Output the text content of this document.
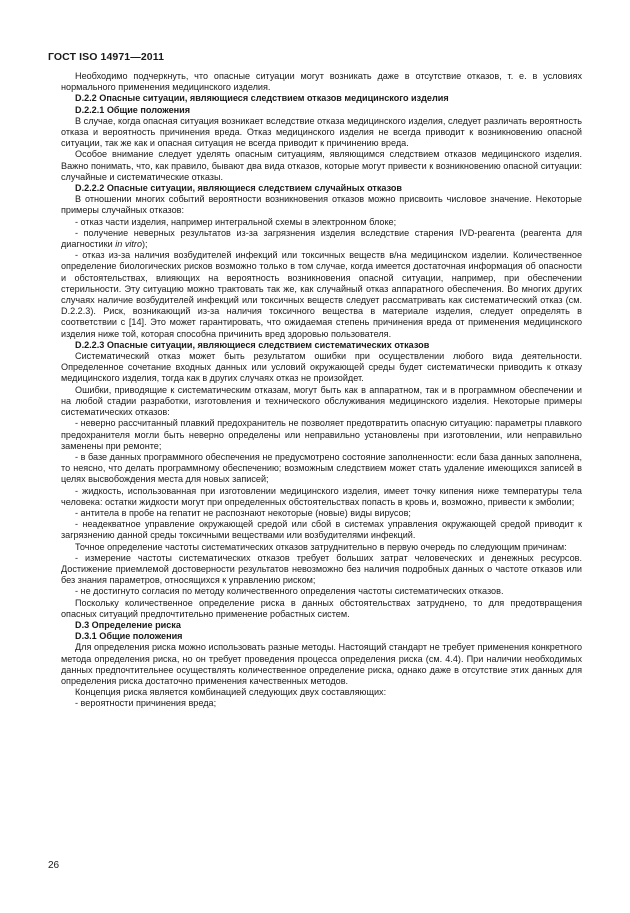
ГОСТ ISO 14971—2011

Необходимо подчеркнуть, что опасные ситуации могут возникать даже в отсутствие отказов, т. е. в условиях нормального применения медицинского изделия.

D.2.2 Опасные ситуации, являющиеся следствием отказов медицинского изделия

D.2.2.1 Общие положения

В случае, когда опасная ситуация возникает вследствие отказа медицинского изделия, следует различать вероятность отказа и вероятность причинения вреда. Отказ медицинского изделия не всегда приводит к возникновению опасной ситуации, так же как и опасная ситуация не всегда приводит к причинению вреда.

Особое внимание следует уделять опасным ситуациям, являющимся следствием отказов медицинского изделия. Важно понимать, что, как правило, бывают два вида отказов, которые могут привести к возникновению опасной ситуации: случайные и систематические отказы.

D.2.2.2 Опасные ситуации, являющиеся следствием случайных отказов

В отношении многих событий вероятности возникновения отказов можно присвоить числовое значение. Некоторые примеры случайных отказов:

- отказ части изделия, например интегральной схемы в электронном блоке;

- получение неверных результатов из-за загрязнения изделия вследствие старения IVD-реагента (реагента для диагностики in vitro);

- отказ из-за наличия возбудителей инфекций или токсичных веществ в/на медицинском изделии. Количественное определение биологических рисков возможно только в том случае, когда имеется достаточная информация об опасности и обстоятельствах, влияющих на вероятность возникновения опасной ситуации, например, при обеспечении стерильности. Эту ситуацию можно трактовать так же, как случайный отказ аппаратного обеспечения. Во многих других случаях наличие возбудителей инфекций или токсичных веществ следует рассматривать как систематический отказ (см. D.2.2.3). Риск, возникающий из-за наличия токсичного вещества в материале изделия, следует определять в соответствии с [14]. Это может гарантировать, что ожидаемая степень причинения вреда от применения медицинского изделия ниже той, которая способна причинить вред здоровью пользователя.

D.2.2.3 Опасные ситуации, являющиеся следствием систематических отказов

Систематический отказ может быть результатом ошибки при осуществлении любого вида деятельности. Определенное сочетание входных данных или условий окружающей среды будет систематически приводить к отказу медицинского изделия, тогда как в других случаях отказ не произойдет.

Ошибки, приводящие к систематическим отказам, могут быть как в аппаратном, так и в программном обеспечении и на любой стадии разработки, изготовления и технического обслуживания медицинского изделия. Некоторые примеры систематических отказов:

- неверно рассчитанный плавкий предохранитель не позволяет предотвратить опасную ситуацию: параметры плавкого предохранителя могли быть неверно определены или неправильно установлены при изготовлении, или неправильно заменены при ремонте;

- в базе данных программного обеспечения не предусмотрено состояние заполненности: если база данных заполнена, то неясно, что делать программному обеспечению; возможным следствием может стать удаление имеющихся записей в целях высвобождения места для новых записей;

- жидкость, использованная при изготовлении медицинского изделия, имеет точку кипения ниже температуры тела человека: остатки жидкости могут при определенных обстоятельствах попасть в кровь и, возможно, привести к эмболии;

- антитела в пробе на гепатит не распознают некоторые (новые) виды вирусов;

- неадекватное управление окружающей средой или сбой в системах управления окружающей средой приводит к загрязнению данной среды токсичными веществами или возбудителями инфекций.

Точное определение частоты систематических отказов затруднительно в первую очередь по следующим причинам:

- измерение частоты систематических отказов требует больших затрат человеческих и денежных ресурсов. Достижение приемлемой достоверности результатов невозможно без наличия подробных данных о частоте отказов или без знания параметров, относящихся к управлению риском;

- не достигнуто согласия по методу количественного определения частоты систематических отказов.

Поскольку количественное определение риска в данных обстоятельствах затруднено, то для предотвращения опасных ситуаций предпочтительно применение робастных систем.

D.3 Определение риска

D.3.1 Общие положения

Для определения риска можно использовать разные методы. Настоящий стандарт не требует применения конкретного метода определения риска, но он требует проведения процесса определения риска (см. 4.4). При наличии необходимых данных предпочтительнее осуществлять количественное определение риска, однако даже в отсутствие этих данных для определения риска достаточно применения качественных методов.

Концепция риска является комбинацией следующих двух составляющих:

- вероятности причинения вреда;

26
